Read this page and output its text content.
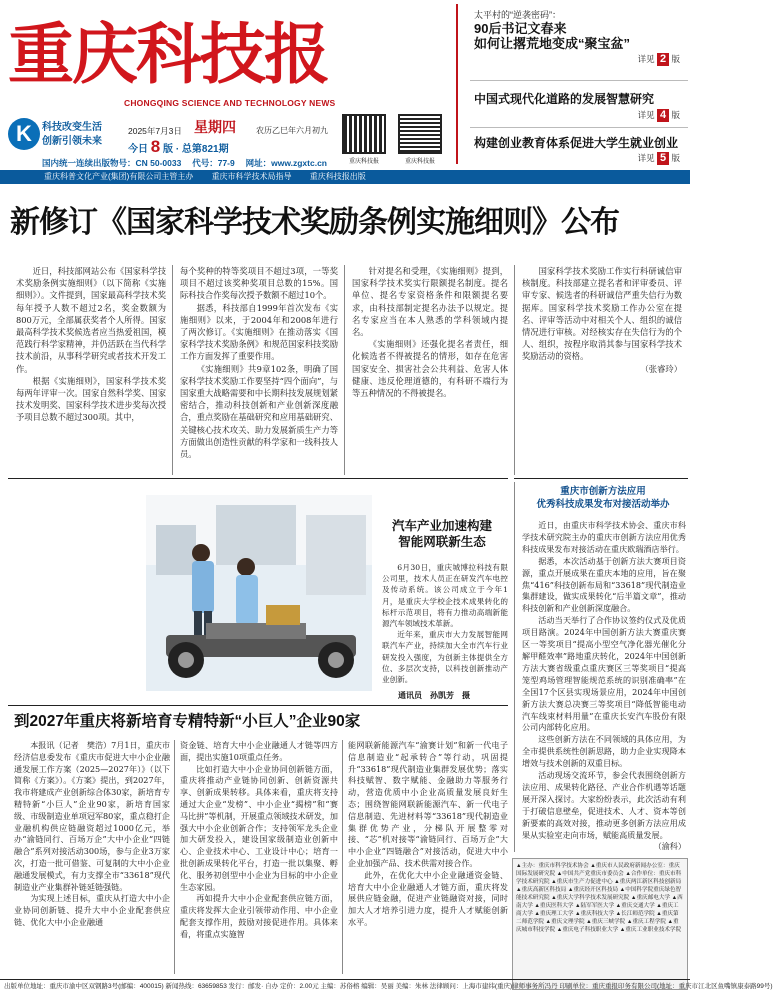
重庆科技报
CHONGQING SCIENCE AND TECHNOLOGY NEWS
K	科技改变生活
创新引领未来
2025年7月3日 星期四	农历乙巳年六月初九
今日 8 版 · 总第821期
国内统一连续出版物号：CN 50-0033　 代号：77-9　 网址：www.zgxtc.cn	重庆科技报	重庆科技报
太平村的“逆袭密码”：
90后书记文春来
如何让撂荒地变成“聚宝盆”
详见 2 版
中国式现代化道路的发展智慧研究
详见 4 版
构建创业教育体系促进大学生就业创业
详见 5 版
重庆科普文化产业(集团)有限公司主管主办　　 重庆市科学技术局指导　　 重庆科技报出版
新修订《国家科学技术奖励条例实施细则》公布

近日，科技部网站公布《国家科学技术奖励条例实施细则》（以下简称《实施细则》）。文件提到，国家最高科学技术奖每年授予人数不超过2名，奖金数额为800万元，全部属获奖者个人所得。国家最高科学技术奖候选者应当热爱祖国，模范践行科学家精神，并仍活跃在当代科学技术前沿，从事科学研究或者技术开发工作。

根据《实施细则》，国家科学技术奖每两年评审一次。国家自然科学奖、国家技术发明奖、国家科学技术进步奖每次授予项目总数不超过300项。其中，

每个奖种的特等奖项目不超过3项，一等奖项目不超过该奖种奖项目总数的15%。国际科技合作奖每次授予数额不超过10个。

据悉，科技部自1999年首次发布《实施细则》以来，于2004年和2008年进行了两次修订。《实施细则》在推动落实《国家科学技术奖励条例》和规范国家科技奖励工作方面发挥了重要作用。

《实施细则》共9章102条，明确了国家科学技术奖励工作要坚持“四个面向”，与国家重大战略需要和中长期科技发展规划紧密结合，推动科技创新和产业创新深度融合，重点奖励在基础研究和应用基础研究、关键核心技术攻关、助力发展新质生产力等方面做出创造性贡献的科学家和一线科技人员。

针对提名和受理，《实施细则》提到，国家科学技术奖实行限额提名制度。提名单位、提名专家资格条件和限额提名要求，由科技部制定提名办法予以规定。提名专家应当在本人熟悉的学科领域内提名。

《实施细则》还强化提名者责任，细化候选者不得被提名的情形，如存在危害国家安全、损害社会公共利益、危害人体健康、违反伦理道德的，有科研不端行为等五种情况的不得被提名。

国家科学技术奖励工作实行科研诚信审核制度。科技部建立提名者和评审委员、评审专家、候选者的科研诚信严重失信行为数据库。国家科学技术奖励工作办公室在提名、评审等活动中对相关个人、组织的诚信情况进行审核。对经核实存在失信行为的个人、组织，按程序取消其参与国家科学技术奖励活动的资格。

（张睿玲）
汽车产业加速构建
智能网联新生态

6月30日，重庆城博拉科技有限公司里，技术人员正在研发汽车电控及传动系统。该公司成立于今年1月，是重庆大学校企技术成果转化的标杆示范项目，将有力推动高端新能源汽车领域技术革新。

近年来，重庆市大力发展智能网联汽车产业，持续加大全市汽车行业研发投入强度，为创新主体提供全方位、多层次支持，以科技创新推动产业创新。

通讯员　孙凯芳　摄
重庆市创新方法应用
优秀科技成果发布对接活动举办

近日，由重庆市科学技术协会、重庆市科学技术研究院主办的重庆市创新方法应用优秀科技成果发布对接活动在重庆欧瑞酒店举行。

据悉，本次活动基于创新方法大赛项目资源，重点开展成果在重庆本地的应用，旨在聚焦“416”科技创新布局和“33618”现代制造业集群建设，做实成果转化“后半篇文章”，推动科技创新和产业创新深度融合。

活动当天举行了合作协议签约仪式及优质项目路演。2024年中国创新方法大赛重庆赛区一等奖项目“提高小型空气净化器光催化分解甲醛效率”路地重庆转化，2024年中国创新方法大赛省级重点重庆赛区三等奖项目“提高笼型鸡场管理智能规范系统的识别准确率”在全国17个区县实现场景应用，2024年中国创新方法大赛总决赛三等奖项目“降低智能电动汽车线束材料用量”在重庆长安汽车股份有限公司内部转化应用。

这些创新方法在不同领域的具体应用，为全市提供系统性创新思路，助力企业实现降本增效与技术创新的双重目标。

活动现场交流环节，参会代表围绕创新方法应用、成果转化路径、产业合作机遇等话题展开深入探讨。大家纷纷表示，此次活动有利于打破信息壁垒，促进技术、人才、资本等创新要素的高效对接，推动更多创新方法应用成果从实验室走向市场，赋能高质量发展。

（渝科）
到2027年重庆将新培育专精特新“小巨人”企业90家

本报讯（记者　樊浩）7月1日，重庆市经济信息委发布《重庆市促进大中小企业融通发展工作方案（2025—2027年）》（以下简称《方案》）。《方案》提出，到2027年，我市将建成产业创新综合体30家，新培育专精特新“小巨人”企业90家，新培育国家级、市级制造业单项冠军80家，重点稳打企业融机构供应链融资超过1000亿元，举办“渝链同行、百场万企”大中小企业“四链融合”系列对接活动300场，参与企业3万家次，打造一批可借鉴、可复制的大中小企业融通发展模式，有力支撑全市“33618”现代制造业产业集群补链延链强链。

为实现上述目标，重庆从打造大中小企业协同创新链、提升大中小企业配套供应链、优化大中小企业融通

资金链、培育大中小企业融通人才链等四方面，提出实施10项重点任务。

比如打造大中小企业协同创新链方面，重庆将推动产业链协同创新、创新资源共享、创新成果转移。具体来看，重庆将支持通过大企业“发榜”、中小企业“揭榜”和“赛马比拼”等机制，开展重点领域技术研发，加强大中小企业创新合作；支持领军龙头企业加大研发投入，建设国家级制造业创新中心、企业技术中心、工业设计中心；培育一批创新成果转化平台，打造一批以集聚、孵化、服务初创型中小企业为目标的中小企业生态家园。

再如提升大中小企业配套供应链方面，重庆将发挥大企业引领带动作用、中小企业配套支撑作用，鼓励对接促进作用。具体来看，将重点实施智

能网联新能源汽车“渝赛计划”和新一代电子信息制造业“起承转合”等行动，巩固提升“33618”现代制造业集群发展优势；落实科技赋智、数字赋能、金融助力等服务行动，营造优质中小企业高质量发展良好生态；围绕智能网联新能源汽车、新一代电子信息制造、先进材料等“33618”现代制造业集群优势产业，分梯队开展整零对接、“芯”机对接等“渝链同行、百场万企”大中小企业“四链融合”对接活动，促进大中小企业加强产品、技术供需对接合作。

此外，在优化大中小企业融通资金链、培育大中小企业融通人才链方面，重庆将发展供应链金融，促进产业链融资对接，同时加大人才培养引进力度，提升人才赋能创新水平。

▲主办：重庆市科学技术协会 ▲重庆市人民政府新闻办公室：重庆国际发展研究院 ▲中国共产党重庆市委员会 ▲合作单位：重庆市科学技术研究院 ▲重庆市生产力促进中心 ▲重庆两江新区科技创新局 ▲重庆高新区科技局 ▲重庆经开区科技局 ▲中国科学院重庆绿色智能技术研究院 ▲重庆大学科学技术发展研究院 ▲重庆邮电大学 ▲西南大学 ▲重庆医科大学 ▲陆军军医大学 ▲重庆交通大学 ▲重庆工商大学 ▲重庆理工大学 ▲重庆科技大学 ▲长江师范学院 ▲重庆第二师范学院 ▲重庆文理学院 ▲重庆三峡学院 ▲重庆工程学院 ▲重庆城市科技学院 ▲重庆电子科技职业大学 ▲重庆工业职业技术学院
出版单位地址：重庆市渝中区双钢路3号(邮编：400015) 新闻热线：63659853 发行：邮发· 自办 定价：2.00元 主编：苏俗榕 编辑：吴丽 美编：朱林 法律顾问：上海市建纬(重庆)律师事务所冯丹 印刷单位：重庆重报印务有限公司(地址：重庆市江北区鱼嘴镇康泰路99号)
